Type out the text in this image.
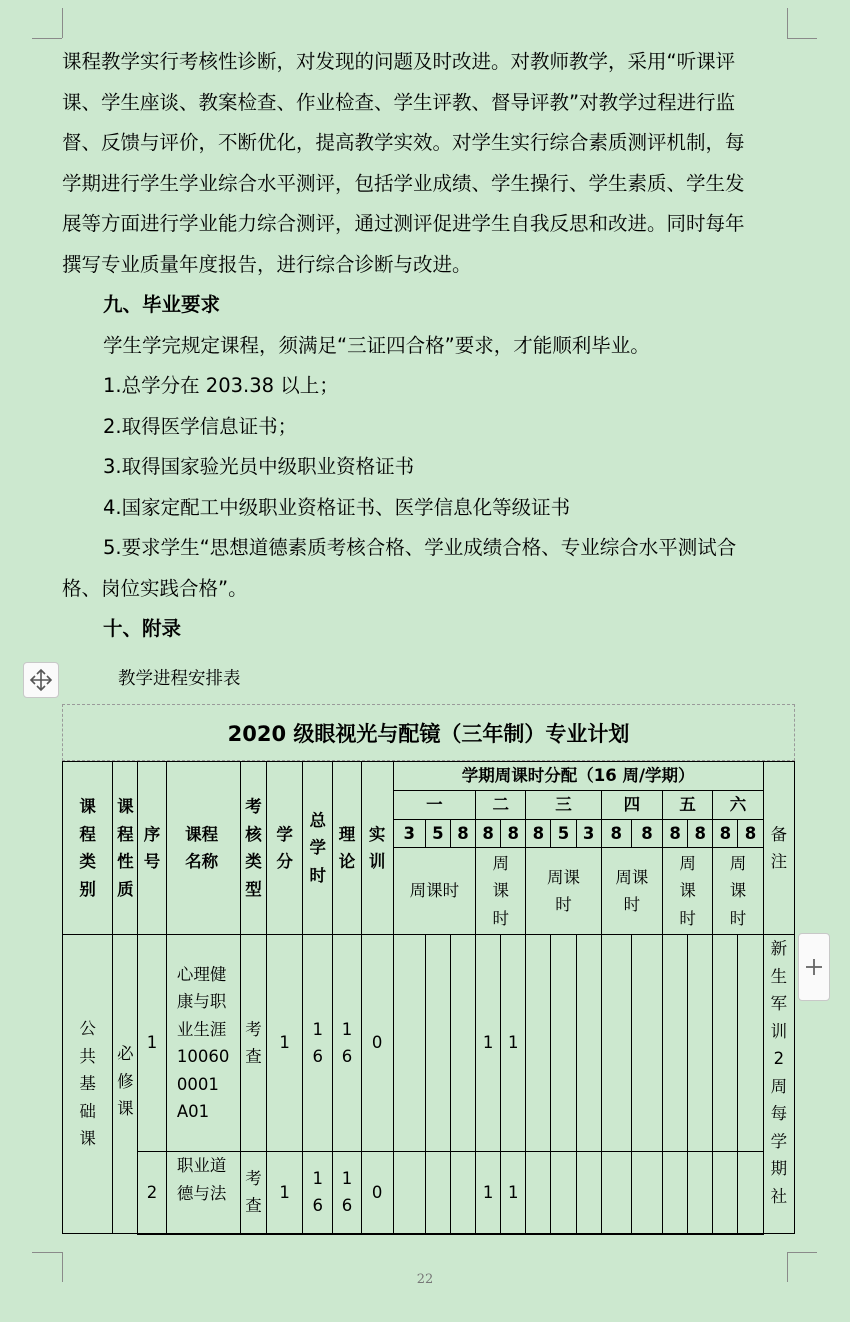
课程教学实行考核性诊断，对发现的问题及时改进。对教师教学，采用“听课评
课、学生座谈、教案检查、作业检查、学生评教、督导评教”对教学过程进行监
督、反馈与评价，不断优化，提高教学实效。对学生实行综合素质测评机制，每
学期进行学生学业综合水平测评，包括学业成绩、学生操行、学生素质、学生发
展等方面进行学业能力综合测评，通过测评促进学生自我反思和改进。同时每年
撰写专业质量年度报告，进行综合诊断与改进。
九、毕业要求
学生学完规定课程，须满足“三证四合格”要求，才能顺利毕业。
1.总学分在 203.38 以上；
2.取得医学信息证书；
3.取得国家验光员中级职业资格证书
4.国家定配工中级职业资格证书、医学信息化等级证书
5.要求学生“思想道德素质考核合格、学业成绩合格、专业综合水平测试合
格、岗位实践合格”。
十、附录
教学进程安排表
2020 级眼视光与配镜（三年制）专业计划
课程类别	课程性质	序号	课程名称	考核类型	学分	总学时	理论	实训	学期周课时分配（16 周/学期）														备注
									一			二		三			四		五		六		
									3	5	8	8	8	8	5	3	8	8	8	8	8	8	
									周课时			周课时		周课时			周课时		周课时		周课时		
公共基础课	必修课	1	心理健康与职业生涯100600001A01	考查	1	16	16	0				1	1										新生军训2周 每学期社
		2	职业道德与法	考查	1	16	16	0				1	1										
22
